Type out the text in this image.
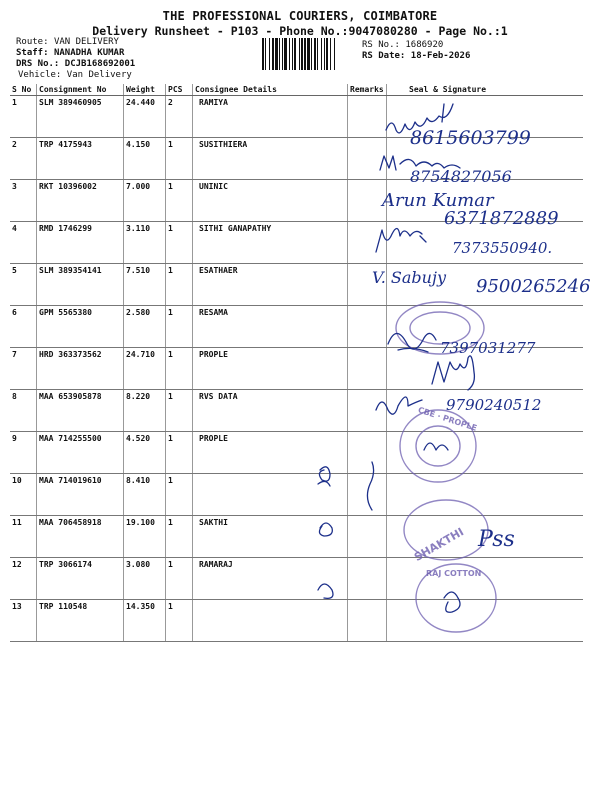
THE PROFESSIONAL COURIERS, COIMBATORE
Delivery Runsheet - P103 - Phone No.:9047080280 - Page No.:1
Route: VAN DELIVERY
Staff: NANADHA KUMAR
DRS No.: DCJB168692001
Vehicle: Van Delivery
RS No.: 1686920
RS Date: 18-Feb-2026
S No	Consignment No	Weight	PCS	Consignee Details	Remarks	Seal & Signature
1	SLM 389460905	24.440	2	RAMIYA		
2	TRP 4175943	4.150	1	SUSITHIERA		
3	RKT 10396002	7.000	1	UNINIC		
4	RMD 1746299	3.110	1	SITHI GANAPATHY		
5	SLM 389354141	7.510	1	ESATHAER		
6	GPM 5565380	2.580	1	RESAMA		
7	HRD 363373562	24.710	1	PROPLE		
8	MAA 653905878	8.220	1	RVS DATA		
9	MAA 714255500	4.520	1	PROPLE		
10	MAA 714019610	8.410	1			
11	MAA 706458918	19.100	1	SAKTHI		
12	TRP 3066174	3.080	1	RAMARAJ		
13	TRP 110548	14.350	1			
8615603799
8754827056
Arun Kumar
6371872889
7373550940.
V. Sabujy 9500265246
7397031277
9790240512
CBE · PROPLE
SHAKTHI Pss
RAJ COTTON
